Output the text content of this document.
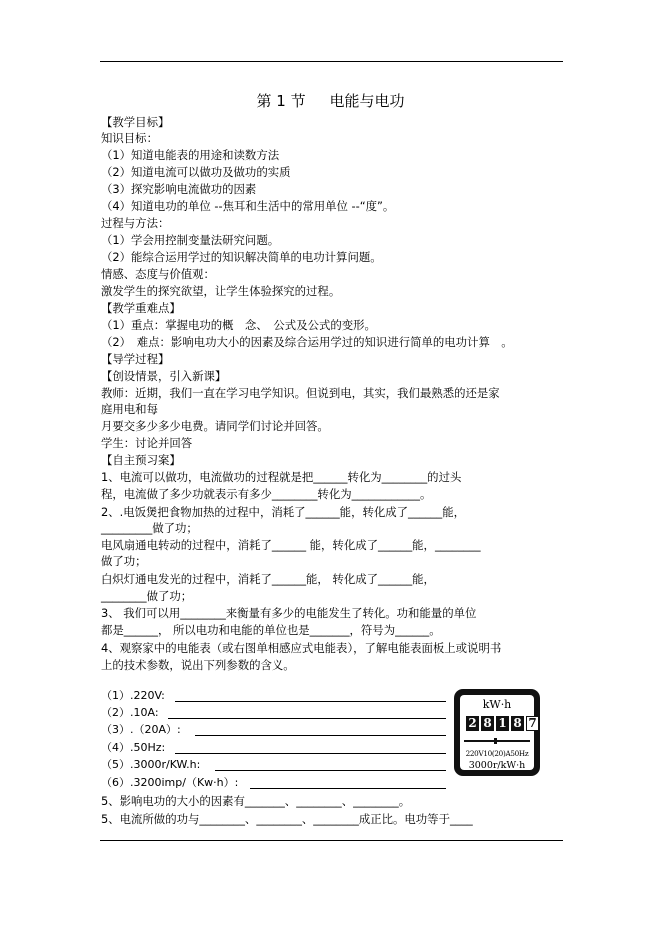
第 1 节     电能与电功
【教学目标】
知识目标：
（1）知道电能表的用途和读数方法
（2）知道电流可以做功及做功的实质
（3）探究影响电流做功的因素
（4）知道电功的单位 --焦耳和生活中的常用单位 --“度”。
过程与方法：
（1）学会用控制变量法研究问题。
（2）能综合运用学过的知识解决简单的电功计算问题。
情感、态度与价值观：
激发学生的探究欲望，让学生体验探究的过程。
【教学重难点】
（1）重点：掌握电功的概　念、　公式及公式的变形。
（2）　难点：影响电功大小的因素及综合运用学过的知识进行简单的电功计算　。
【导学过程】
【创设情景，引入新课】
教师：近期，我们一直在学习电学知识。但说到电，其实，我们最熟悉的还是家
庭用电和每
月要交多少多少电费。请同学们讨论并回答。
学生：讨论并回答
【自主预习案】
1、电流可以做功，电流做功的过程就是把______转化为________的过头
程，电流做了多少功就表示有多少________转化为____________。
2、.电饭煲把食物加热的过程中，消耗了______能，转化成了______能，
_________做了功；
电风扇通电转动的过程中，消耗了______ 能，转化成了______能，________
做了功；
白炽灯通电发光的过程中，消耗了______能， 转化成了______能，
________做了功；
3、 我们可以用________来衡量有多少的电能发生了转化。功和能量的单位
都是______， 所以电功和电能的单位也是_______，符号为______。
4、观察家中的电能表（或右图单相感应式电能表），了解电能表面板上或说明书
上的技术参数，说出下列参数的含义。
5、影响电功的大小的因素有_______、________、________。
5、电流所做的功与________、________、________成正比。电功等于____
（1）.220V:
（2）.10A:
（3）.（20A）:
（4）.50Hz:
（5）.3000r/KW.h:
（6）.3200imp/（Kw·h）:
kW·h
2 8 1 8 7
220V10(20)A50Hz
3000r/kW·h
